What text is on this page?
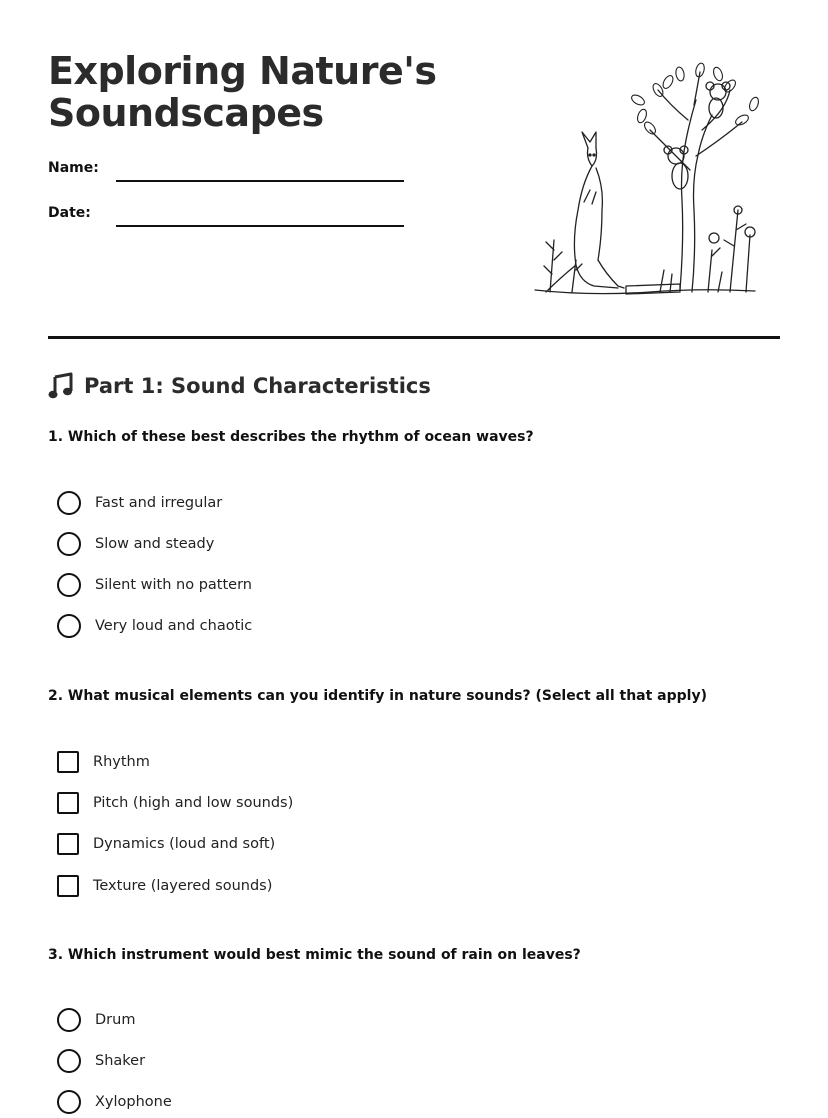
Exploring Nature's Soundscapes
Name:
Date:
Part 1: Sound Characteristics
1. Which of these best describes the rhythm of ocean waves?
Fast and irregular
Slow and steady
Silent with no pattern
Very loud and chaotic
2. What musical elements can you identify in nature sounds? (Select all that apply)
Rhythm
Pitch (high and low sounds)
Dynamics (loud and soft)
Texture (layered sounds)
3. Which instrument would best mimic the sound of rain on leaves?
Drum
Shaker
Xylophone
